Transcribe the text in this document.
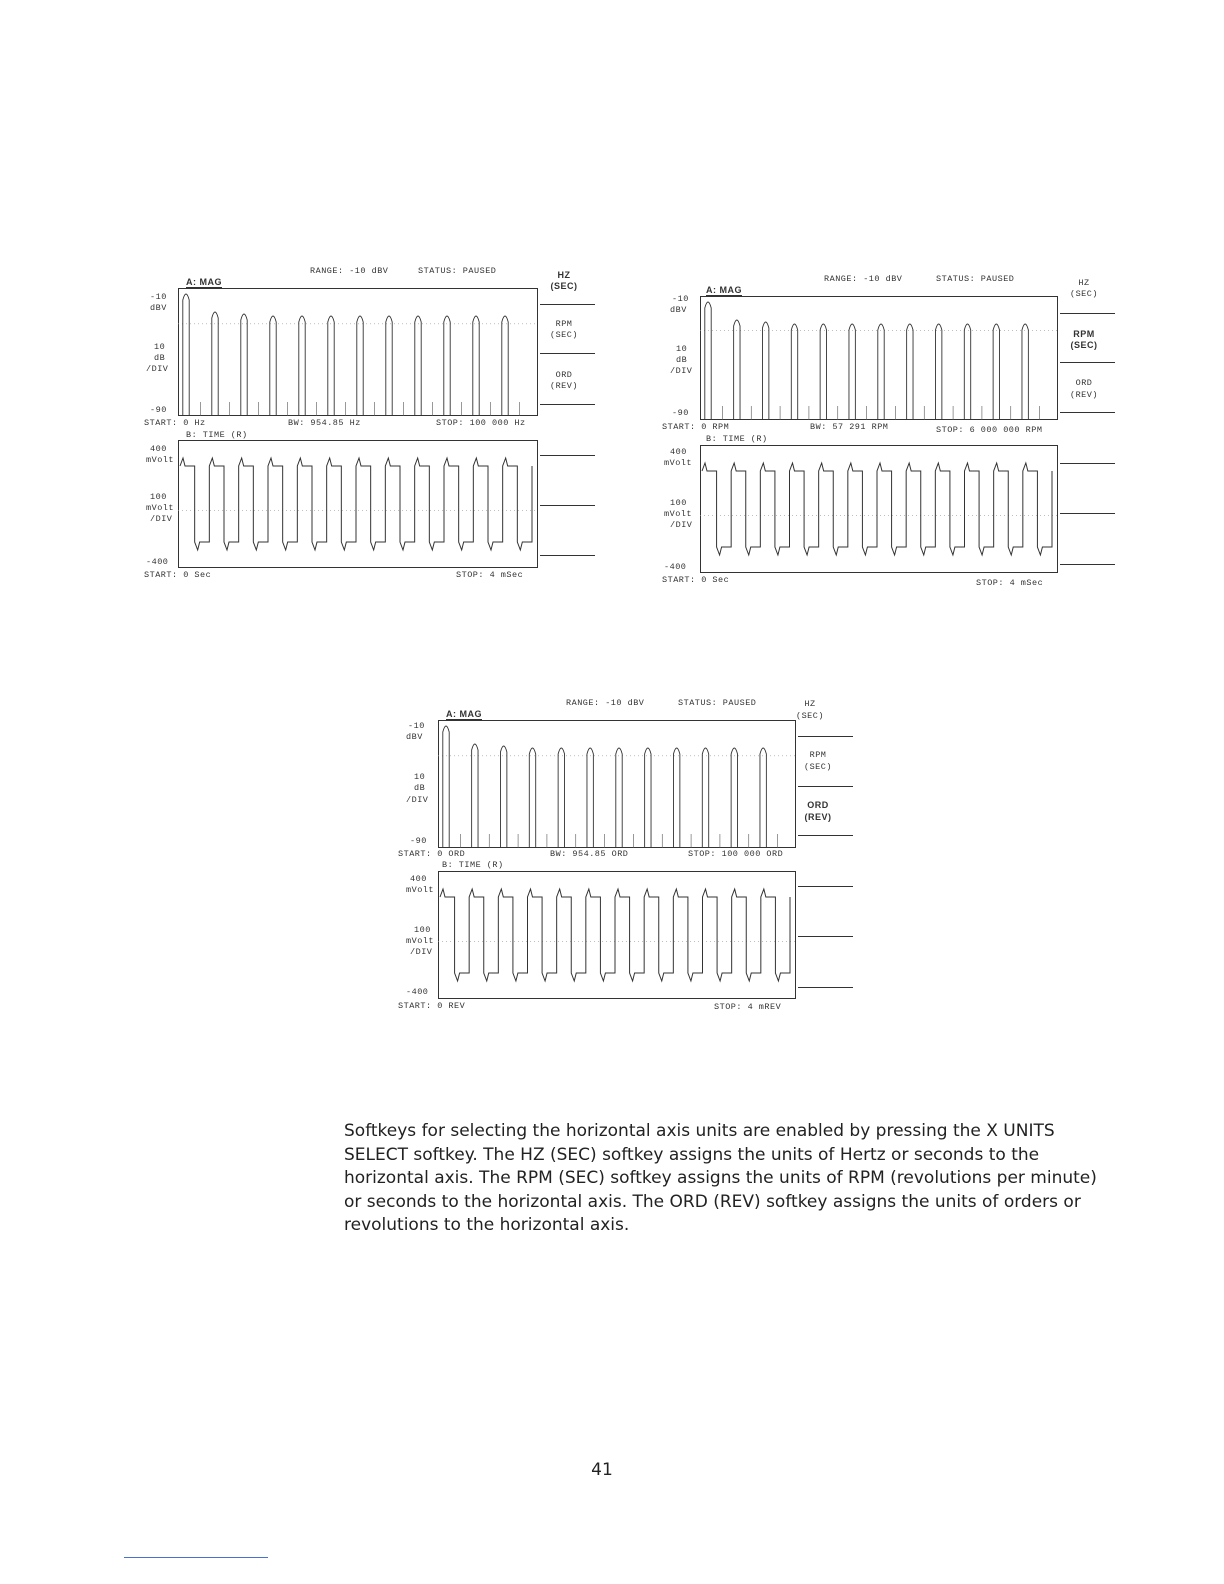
RANGE: -10 dBV	STATUS: PAUSED
A: MAG
-10
dBV
10
dB
/DIV
-90
START: 0 Hz	BW: 954.85 Hz	STOP: 100 000 Hz
B: TIME (R)
400
mVolt
100
mVolt
/DIV
-400
START: 0 Sec	STOP: 4 mSec
HZ
(SEC)
RPM
(SEC)
ORD
(REV)
RANGE: -10 dBV	STATUS: PAUSED
A: MAG
-10
dBV
10
dB
/DIV
-90
START: 0 RPM	BW: 57 291 RPM	STOP: 6 000 000 RPM
B: TIME (R)
400
mVolt
100
mVolt
/DIV
-400
START: 0 Sec	STOP: 4 mSec
HZ
(SEC)
RPM
(SEC)
ORD
(REV)
RANGE: -10 dBV	STATUS: PAUSED
A: MAG
-10
dBV
10
dB
/DIV
-90
START: 0 ORD	BW: 954.85 ORD	STOP: 100 000 ORD
B: TIME (R)
400
mVolt
100
mVolt
/DIV
-400
START: 0 REV	STOP: 4 mREV
HZ
(SEC)
RPM
(SEC)
ORD
(REV)

Softkeys for selecting the horizontal axis units are enabled by pressing the X UNITS SELECT softkey. The HZ (SEC) softkey assigns the units of Hertz or seconds to the horizontal axis. The RPM (SEC) softkey assigns the units of RPM (revolutions per minute) or seconds to the horizontal axis. The ORD (REV) softkey assigns the units of orders or revolutions to the horizontal axis.

41
